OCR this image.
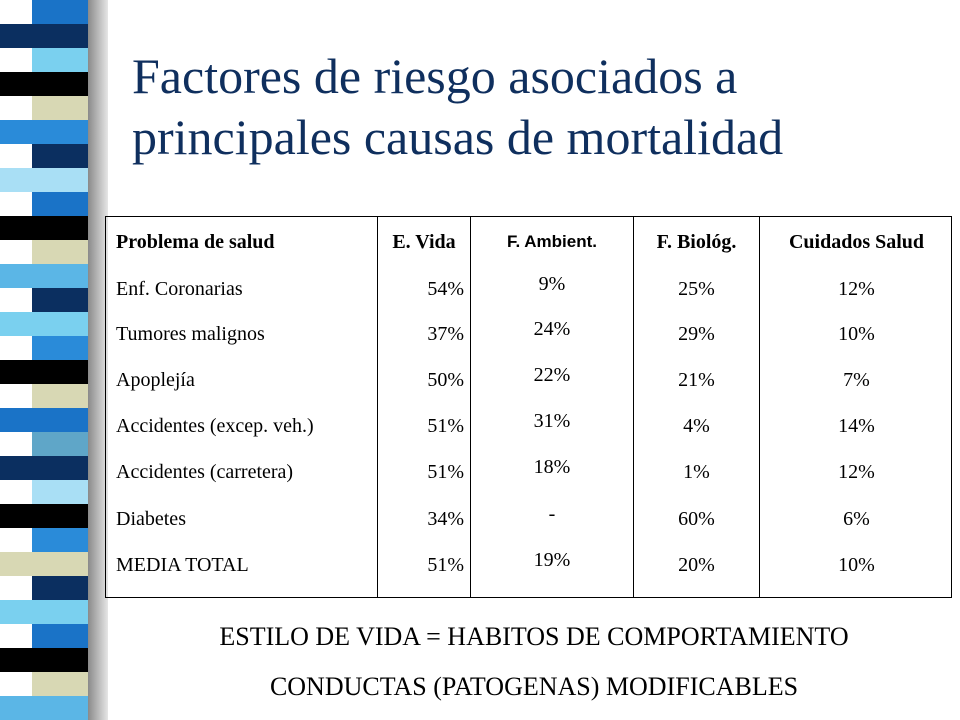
Factores de riesgo asociados a
principales causas de mortalidad
Problema de salud
Enf. Coronarias
Tumores malignos
Apoplejía
Accidentes (excep. veh.)
Accidentes (carretera)
Diabetes
MEDIA TOTAL
E. Vida
54%
37%
50%
51%
51%
34%
51%
F. Ambient.
9%
24%
22%
31%
18%
-
19%
F. Biológ.
25%
29%
21%
4%
1%
60%
20%
Cuidados Salud
12%
10%
7%
14%
12%
6%
10%
ESTILO DE VIDA = HABITOS DE COMPORTAMIENTO
CONDUCTAS (PATOGENAS) MODIFICABLES
